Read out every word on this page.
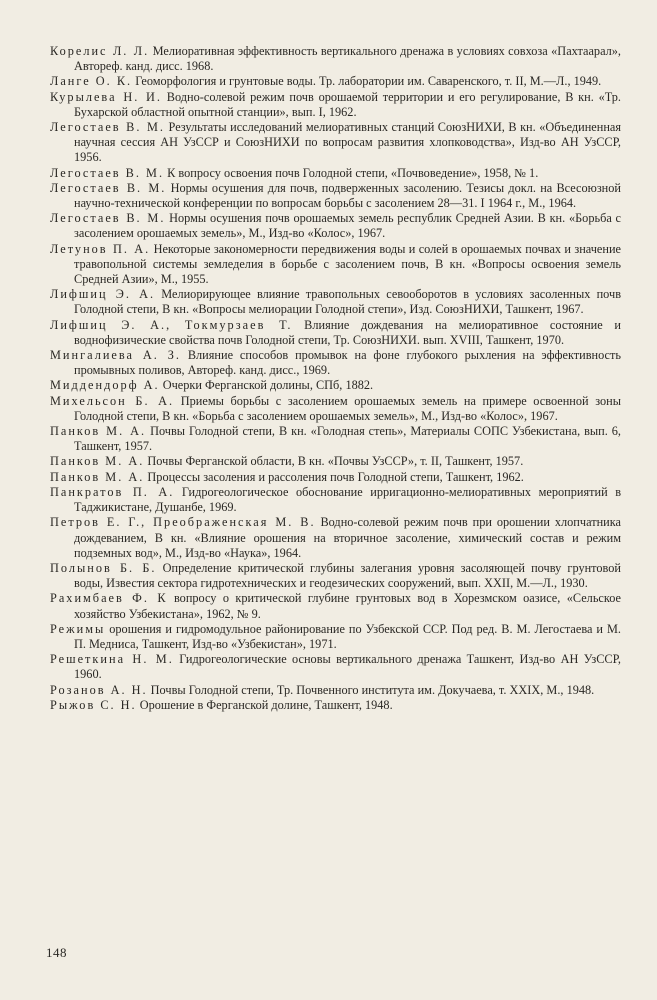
Корелис Л. Л. Мелиоративная эффективность вертикального дренажа в условиях совхоза «Пахтаарал», Автореф. канд. дисс. 1968.
Ланге О. К. Геоморфология и грунтовые воды. Тр. лаборатории им. Саваренского, т. II, М.—Л., 1949.
Курылева Н. И. Водно-солевой режим почв орошаемой территории и его регулирование, В кн. «Тр. Бухарской областной опытной станции», вып. I, 1962.
Легостаев В. М. Результаты исследований мелиоративных станций СоюзНИХИ, В кн. «Объединенная научная сессия АН УзССР и СоюзНИХИ по вопросам развития хлопководства», Изд-во АН УзССР, 1956.
Легостаев В. М. К вопросу освоения почв Голодной степи, «Почвоведение», 1958, № 1.
Легостаев В. М. Нормы осушения для почв, подверженных засолению. Тезисы докл. на Всесоюзной научно-технической конференции по вопросам борьбы с засолением 28—31. I 1964 г., М., 1964.
Легостаев В. М. Нормы осушения почв орошаемых земель республик Средней Азии. В кн. «Борьба с засолением орошаемых земель», М., Изд-во «Колос», 1967.
Летунов П. А. Некоторые закономерности передвижения воды и солей в орошаемых почвах и значение травопольной системы земледелия в борьбе с засолением почв, В кн. «Вопросы освоения земель Средней Азии», М., 1955.
Лифшиц Э. А. Мелиорирующее влияние травопольных севооборотов в условиях засоленных почв Голодной степи, В кн. «Вопросы мелиорации Голодной степи», Изд. СоюзНИХИ, Ташкент, 1967.
Лифшиц Э. А., Токмурзаев Т. Влияние дождевания на мелиоративное состояние и воднофизические свойства почв Голодной степи, Тр. СоюзНИХИ. вып. XVIII, Ташкент, 1970.
Мингалиева А. З. Влияние способов промывок на фоне глубокого рыхления на эффективность промывных поливов, Автореф. канд. дисс., 1969.
Миддендорф А. Очерки Ферганской долины, СПб, 1882.
Михельсон Б. А. Приемы борьбы с засолением орошаемых земель на примере освоенной зоны Голодной степи, В кн. «Борьба с засолением орошаемых земель», М., Изд-во «Колос», 1967.
Панков М. А. Почвы Голодной степи, В кн. «Голодная степь», Материалы СОПС Узбекистана, вып. 6, Ташкент, 1957.
Панков М. А. Почвы Ферганской области, В кн. «Почвы УзССР», т. II, Ташкент, 1957.
Панков М. А. Процессы засоления и рассоления почв Голодной степи, Ташкент, 1962.
Панкратов П. А. Гидрогеологическое обоснование ирригационно-мелиоративных мероприятий в Таджикистане, Душанбе, 1969.
Петров Е. Г., Преображенская М. В. Водно-солевой режим почв при орошении хлопчатника дождеванием, В кн. «Влияние орошения на вторичное засоление, химический состав и режим подземных вод», М., Изд-во «Наука», 1964.
Полынов Б. Б. Определение критической глубины залегания уровня засоляющей почву грунтовой воды, Известия сектора гидротехнических и геодезических сооружений, вып. XXII, М.—Л., 1930.
Рахимбаев Ф. К вопросу о критической глубине грунтовых вод в Хорезмском оазисе, «Сельское хозяйство Узбекистана», 1962, № 9.
Режимы орошения и гидромодульное районирование по Узбекской ССР. Под ред. В. М. Легостаева и М. П. Медниса, Ташкент, Изд-во «Узбекистан», 1971.
Решеткина Н. М. Гидрогеологические основы вертикального дренажа Ташкент, Изд-во АН УзССР, 1960.
Розанов А. Н. Почвы Голодной степи, Тр. Почвенного института им. Докучаева, т. XXIX, М., 1948.
Рыжов С. Н. Орошение в Ферганской долине, Ташкент, 1948.
148
